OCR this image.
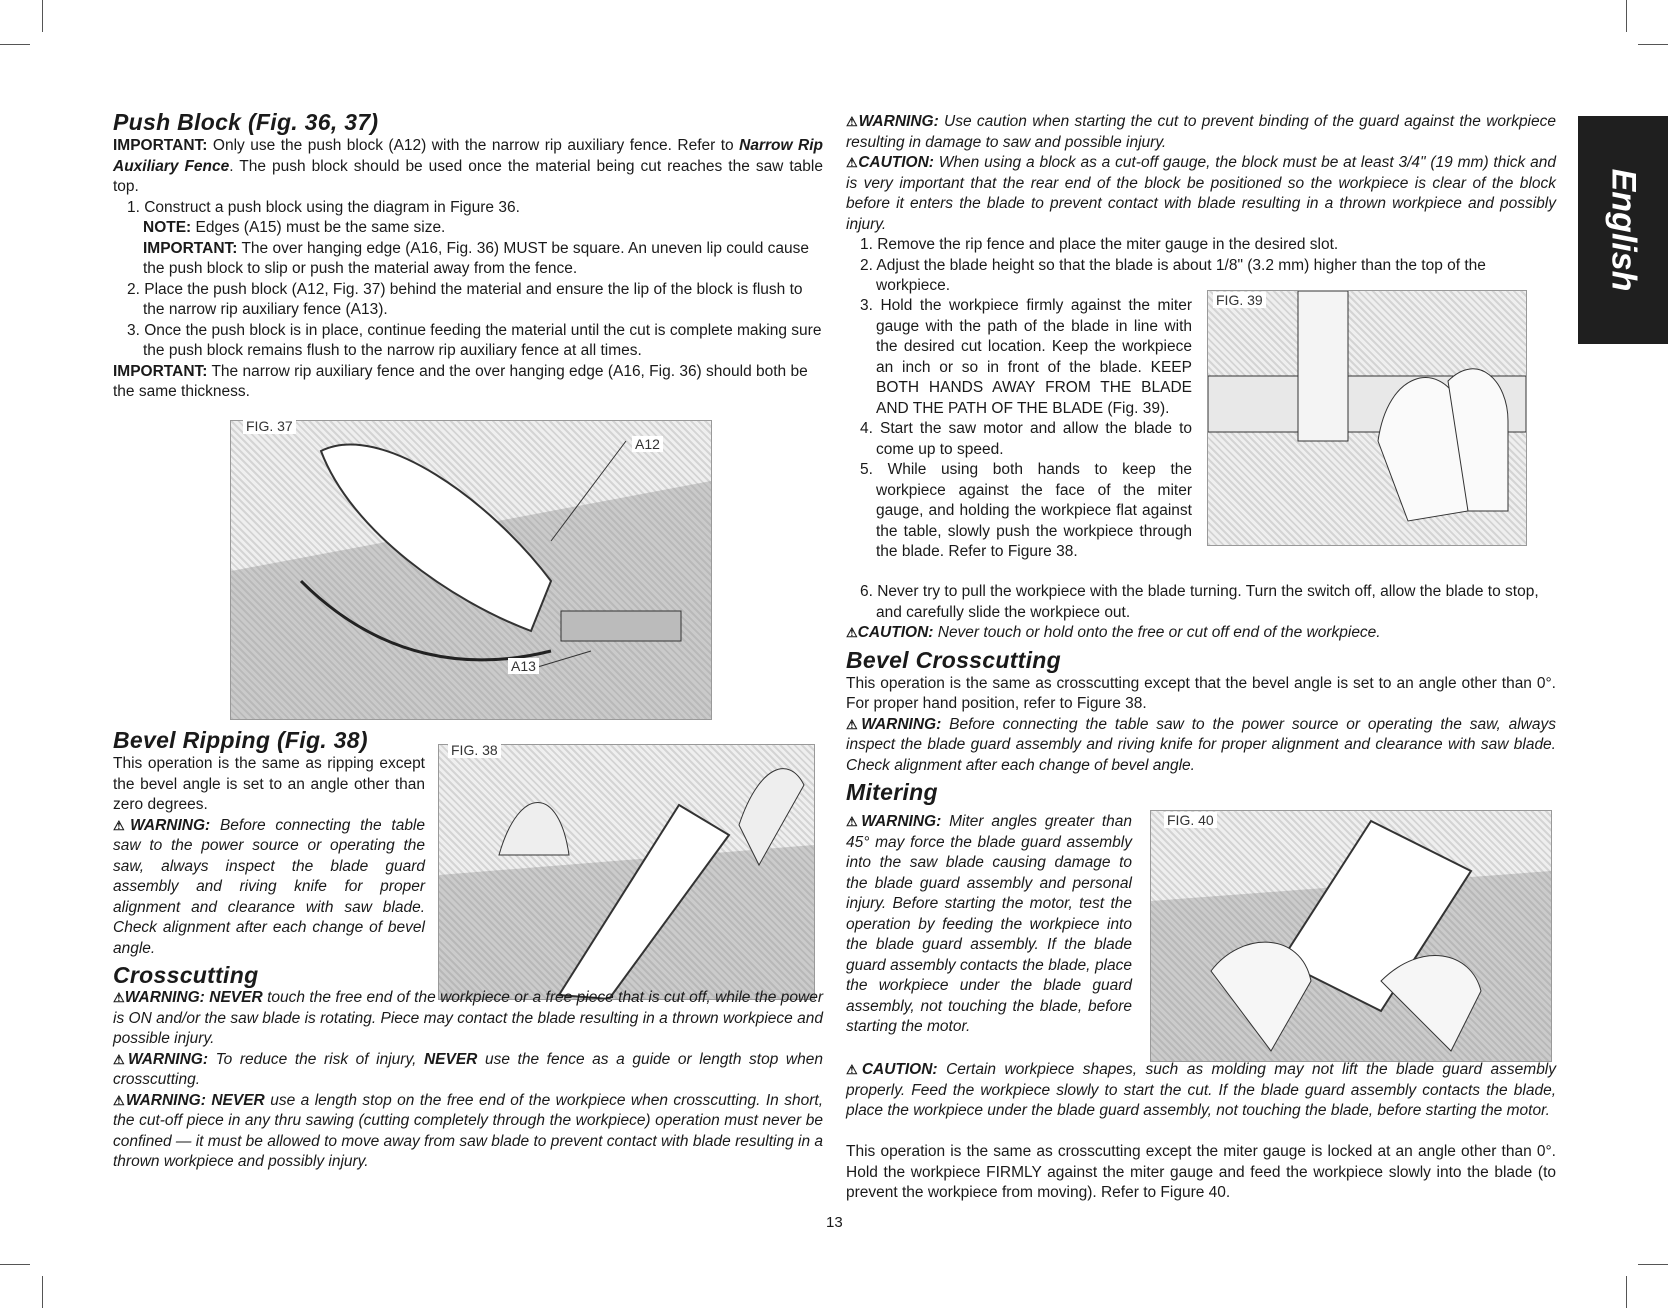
English
Push Block (Fig. 36, 37)

IMPORTANT: Only use the push block (A12) with the narrow rip auxiliary fence. Refer to Narrow Rip Auxiliary Fence. The push block should be used once the material being cut reaches the saw table top.

1. Construct a push block using the diagram in Figure 36.

NOTE: Edges (A15) must be the same size.

IMPORTANT: The over hanging edge (A16, Fig. 36) MUST be square. An uneven lip could cause the push block to slip or push the material away from the fence.

2. Place the push block (A12, Fig. 37) behind the material and ensure the lip of the block is flush to the narrow rip auxiliary fence (A13).

3. Once the push block is in place, continue feeding the material until the cut is complete making sure the push block remains flush to the narrow rip auxiliary fence at all times.

IMPORTANT: The narrow rip auxiliary fence and the over hanging edge (A16, Fig. 36) should both be the same thickness.

FIG. 37
A12
A13
Bevel Ripping (Fig. 38)

This operation is the same as ripping except the bevel angle is set to an angle other than zero degrees.

⚠WARNING: Before connecting the table saw to the power source or operating the saw, always inspect the blade guard assembly and riving knife for proper alignment and clearance with saw blade. Check alignment after each change of bevel angle.

Crosscutting
FIG. 38

⚠WARNING: NEVER touch the free end of the workpiece or a free piece that is cut off, while the power is ON and/or the saw blade is rotating. Piece may contact the blade resulting in a thrown workpiece and possible injury.

⚠WARNING: To reduce the risk of injury, NEVER use the fence as a guide or length stop when crosscutting.

⚠WARNING: NEVER use a length stop on the free end of the workpiece when crosscutting. In short, the cut-off piece in any thru sawing (cutting completely through the workpiece) operation must never be confined — it must be allowed to move away from saw blade to prevent contact with blade resulting in a thrown workpiece and possibly injury.

⚠WARNING: Use caution when starting the cut to prevent binding of the guard against the workpiece resulting in damage to saw and possible injury.

⚠CAUTION: When using a block as a cut-off gauge, the block must be at least 3/4" (19 mm) thick and is very important that the rear end of the block be positioned so the workpiece is clear of the block before it enters the blade to prevent contact with blade resulting in a thrown workpiece and possibly injury.

1. Remove the rip fence and place the miter gauge in the desired slot.

2. Adjust the blade height so that the blade is about 1/8" (3.2 mm) higher than the top of the workpiece.

3. Hold the workpiece firmly against the miter gauge with the path of the blade in line with the desired cut location. Keep the workpiece an inch or so in front of the blade. KEEP BOTH HANDS AWAY FROM THE BLADE AND THE PATH OF THE BLADE (Fig. 39).

4. Start the saw motor and allow the blade to come up to speed.

5. While using both hands to keep the workpiece against the face of the miter gauge, and holding the workpiece flat against the table, slowly push the workpiece through the blade. Refer to Figure 38.

FIG. 39

6. Never try to pull the workpiece with the blade turning. Turn the switch off, allow the blade to stop, and carefully slide the workpiece out.

⚠CAUTION: Never touch or hold onto the free or cut off end of the workpiece.

Bevel Crosscutting

This operation is the same as crosscutting except that the bevel angle is set to an angle other than 0°. For proper hand position, refer to Figure 38.

⚠WARNING: Before connecting the table saw to the power source or operating the saw, always inspect the blade guard assembly and riving knife for proper alignment and clearance with saw blade. Check alignment after each change of bevel angle.

Mitering

⚠WARNING: Miter angles greater than 45° may force the blade guard assembly into the saw blade causing damage to the blade guard assembly and personal injury. Before starting the motor, test the operation by feeding the workpiece into the blade guard assembly. If the blade guard assembly contacts the blade, place the workpiece under the blade guard assembly, not touching the blade, before starting the motor.

FIG. 40

⚠CAUTION: Certain workpiece shapes, such as molding may not lift the blade guard assembly properly. Feed the workpiece slowly to start the cut. If the blade guard assembly contacts the blade, place the workpiece under the blade guard assembly, not touching the blade, before starting the motor.

This operation is the same as crosscutting except the miter gauge is locked at an angle other than 0°. Hold the workpiece FIRMLY against the miter gauge and feed the workpiece slowly into the blade (to prevent the workpiece from moving). Refer to Figure 40.

13
